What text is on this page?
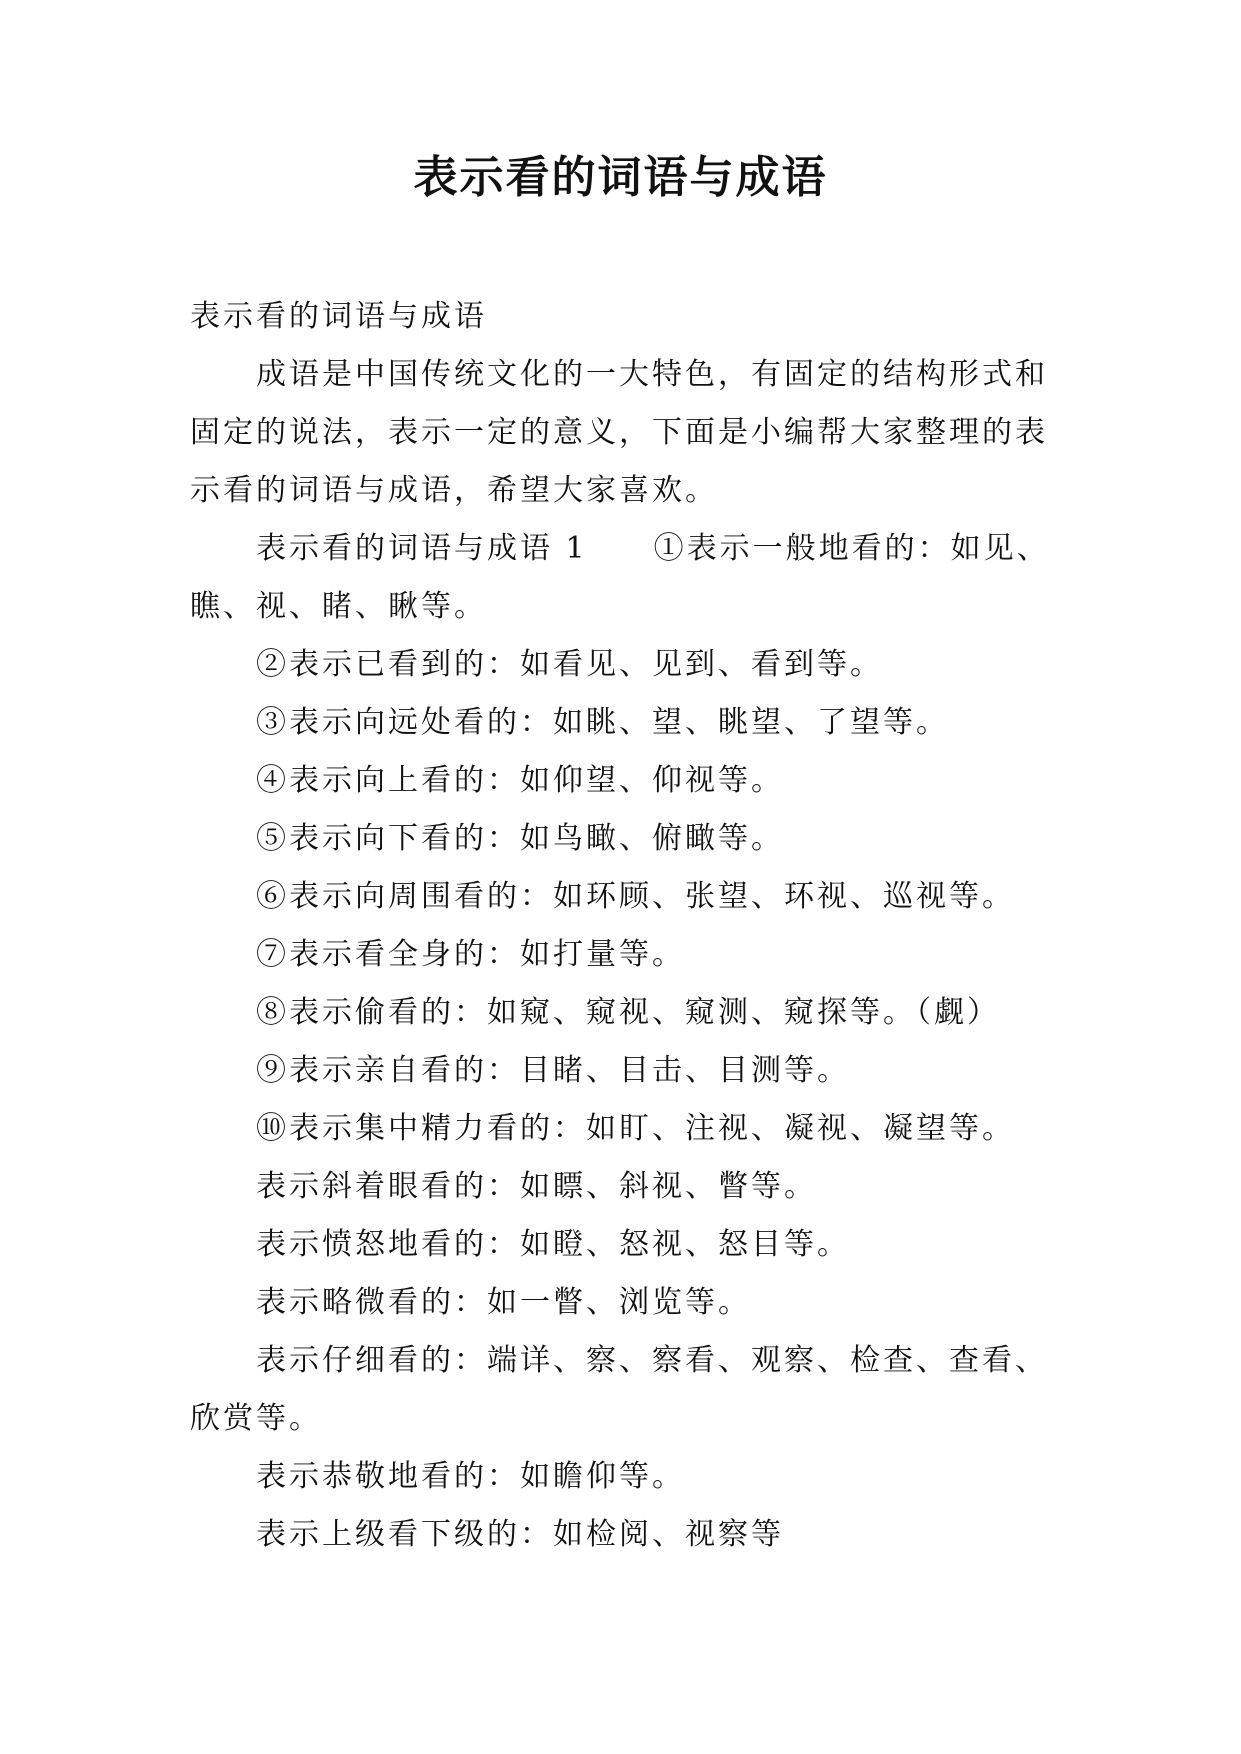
表示看的词语与成语

表示看的词语与成语

成语是中国传统文化的一大特色，有固定的结构形式和固定的说法，表示一定的意义，下面是小编帮大家整理的表示看的词语与成语，希望大家喜欢。

表示看的词语与成语 1　　①表示一般地看的：如见、瞧、视、睹、瞅等。

②表示已看到的：如看见、见到、看到等。

③表示向远处看的：如眺、望、眺望、了望等。

④表示向上看的：如仰望、仰视等。

⑤表示向下看的：如鸟瞰、俯瞰等。

⑥表示向周围看的：如环顾、张望、环视、巡视等。

⑦表示看全身的：如打量等。

⑧表示偷看的：如窥、窥视、窥测、窥探等。（觑）

⑨表示亲自看的：目睹、目击、目测等。

⑩表示集中精力看的：如盯、注视、凝视、凝望等。

表示斜着眼看的：如瞟、斜视、瞥等。

表示愤怒地看的：如瞪、怒视、怒目等。

表示略微看的：如一瞥、浏览等。

表示仔细看的：端详、察、察看、观察、检查、查看、欣赏等。

表示恭敬地看的：如瞻仰等。

表示上级看下级的：如检阅、视察等
